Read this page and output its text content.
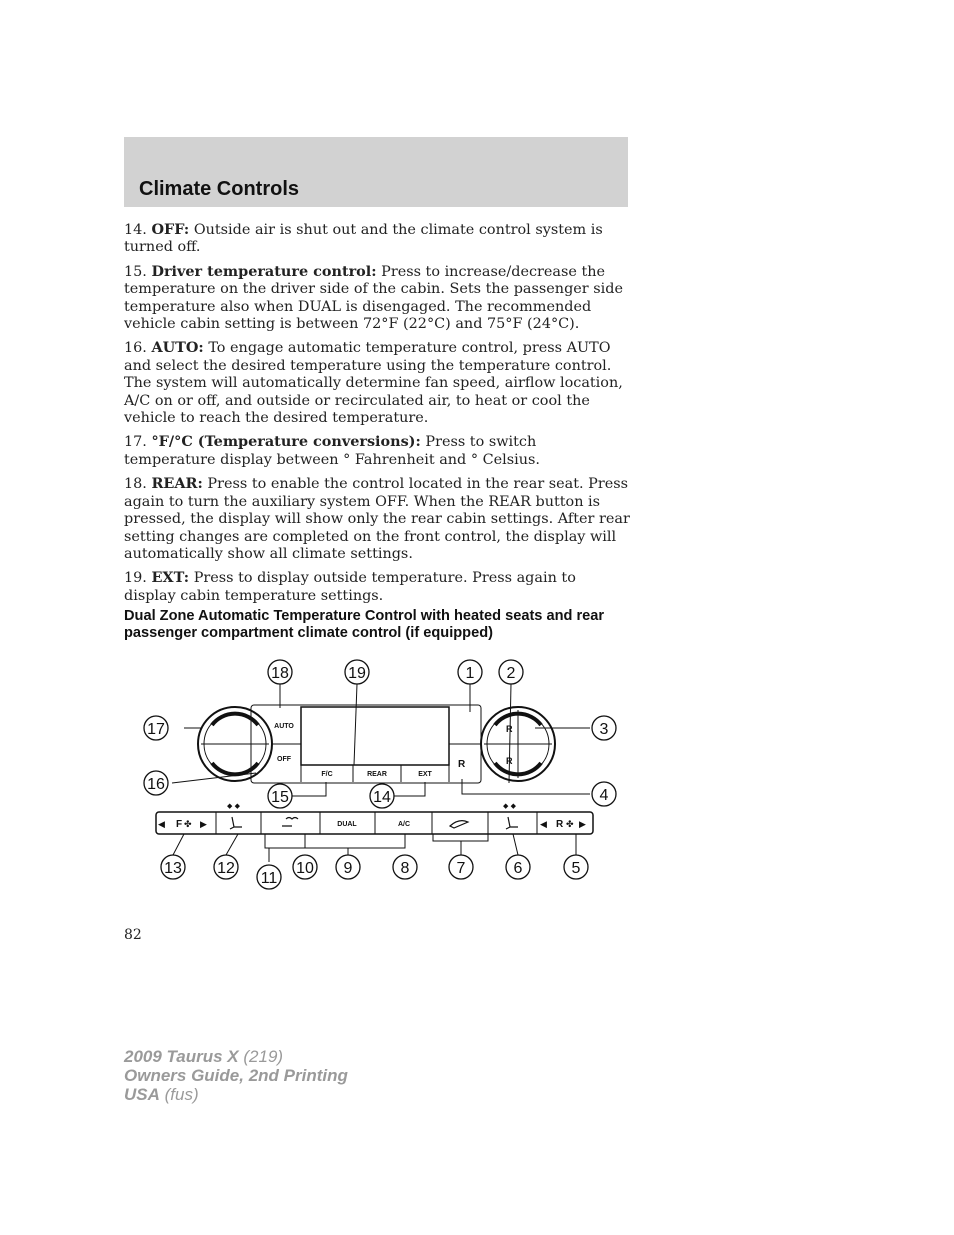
Climate Controls

14. OFF: Outside air is shut out and the climate control system is turned off.

15. Driver temperature control: Press to increase/decrease the temperature on the driver side of the cabin. Sets the passenger side temperature also when DUAL is disengaged. The recommended vehicle cabin setting is between 72°F (22°C) and 75°F (24°C).

16. AUTO: To engage automatic temperature control, press AUTO and select the desired temperature using the temperature control. The system will automatically determine fan speed, airflow location, A/C on or off, and outside or recirculated air, to heat or cool the vehicle to reach the desired temperature.

17. °F/°C (Temperature conversions): Press to switch temperature display between ° Fahrenheit and ° Celsius.

18. REAR: Press to enable the control located in the rear seat. Press again to turn the auxiliary system OFF. When the REAR button is pressed, the display will show only the rear cabin settings. After rear setting changes are completed on the front control, the display will automatically show all climate settings.

19. EXT: Press to display outside temperature. Press again to display cabin temperature settings.

Dual Zone Automatic Temperature Control with heated seats and rear passenger compartment climate control (if equipped)
AUTO
OFF
F/C	REAR	EXT
DUAL	A/C
F	R
R
R
R
◀	▶
✤	◀	▶
✤
◆ ◆	◆ ◆
1 2
3
4
5
6
7
8
9
10
11
12
13
14
15
16
17
18	19
82
2009 Taurus X (219)
Owners Guide, 2nd Printing
USA (fus)
